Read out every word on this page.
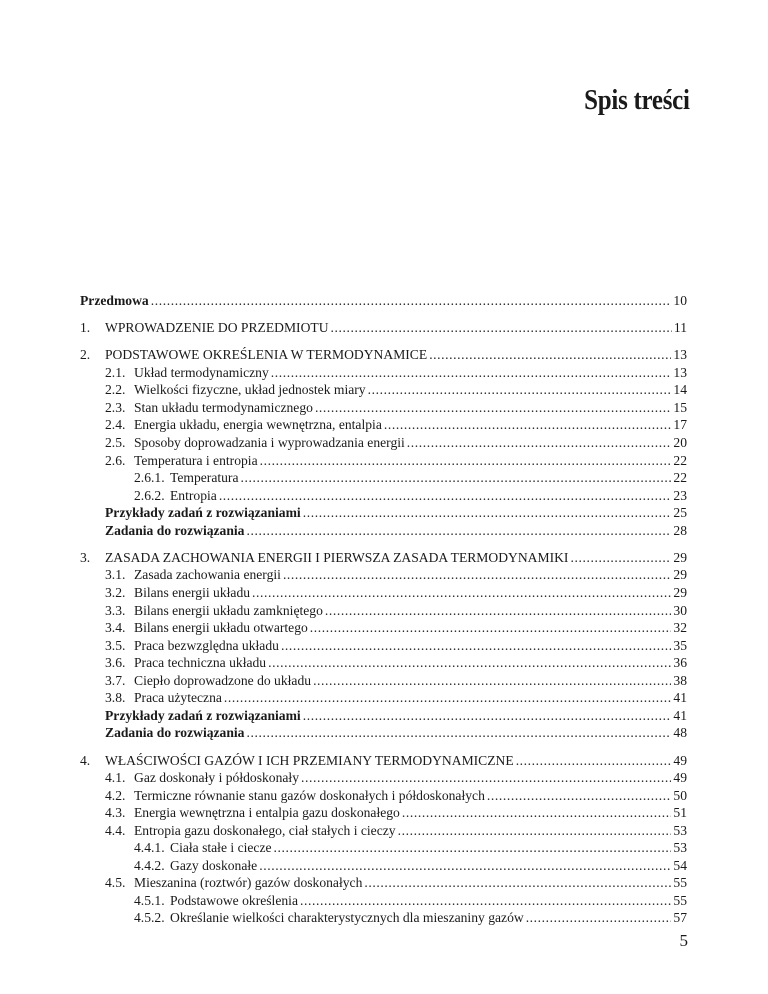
Spis treści
Przedmowa .....	10
1.	WPROWADZENIE DO PRZEDMIOTU .....	11
2.	PODSTAWOWE OKREŚLENIA W TERMODYNAMICE .....	13
2.1. Układ termodynamiczny .....	13
2.2. Wielkości fizyczne, układ jednostek miary .....	14
2.3. Stan układu termodynamicznego .....	15
2.4. Energia układu, energia wewnętrzna, entalpia .....	17
2.5. Sposoby doprowadzania i wyprowadzania energii .....	20
2.6. Temperatura i entropia .....	22
2.6.1. Temperatura .....	22
2.6.2. Entropia .....	23
Przykłady zadań z rozwiązaniami .....	25
Zadania do rozwiązania .....	28
3.	ZASADA ZACHOWANIA ENERGII I PIERWSZA ZASADA TERMODYNAMIKI .....	29
3.1. Zasada zachowania energii .....	29
3.2. Bilans energii układu .....	29
3.3. Bilans energii układu zamkniętego .....	30
3.4. Bilans energii układu otwartego .....	32
3.5. Praca bezwzględna układu .....	35
3.6. Praca techniczna układu .....	36
3.7. Ciepło doprowadzone do układu .....	38
3.8. Praca użyteczna .....	41
Przykłady zadań z rozwiązaniami .....	41
Zadania do rozwiązania .....	48
4.	WŁAŚCIWOŚCI GAZÓW I ICH PRZEMIANY TERMODYNAMICZNE .....	49
4.1. Gaz doskonały i półdoskonały .....	49
4.2. Termiczne równanie stanu gazów doskonałych i półdoskonałych .....	50
4.3. Energia wewnętrzna i entalpia gazu doskonałego .....	51
4.4. Entropia gazu doskonałego, ciał stałych i cieczy .....	53
4.4.1. Ciała stałe i ciecze .....	53
4.4.2. Gazy doskonałe .....	54
4.5. Mieszanina (roztwór) gazów doskonałych .....	55
4.5.1. Podstawowe określenia .....	55
4.5.2. Określanie wielkości charakterystycznych dla mieszaniny gazów .....	57
5
